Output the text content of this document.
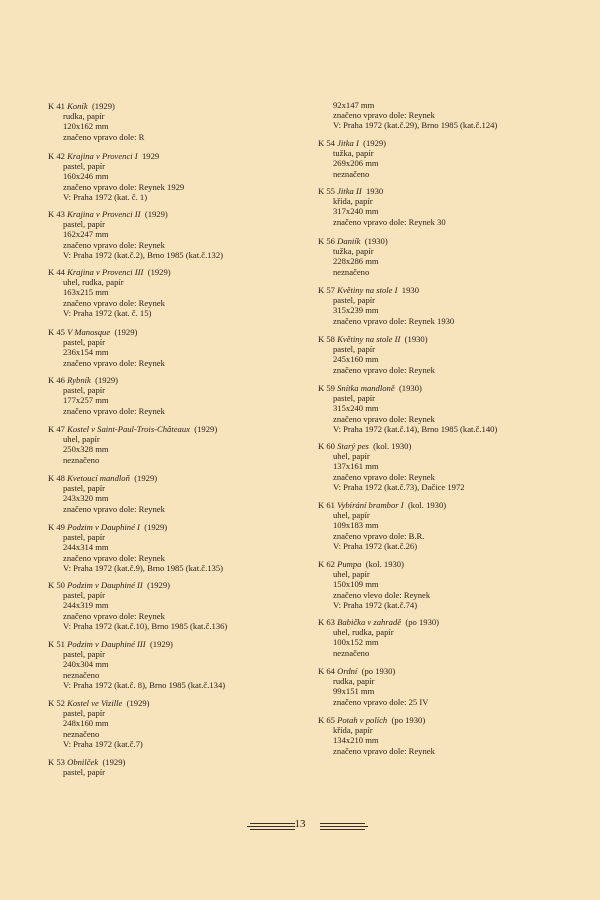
K 41 Koník (1929)
rudka, papír
120x162 mm
značeno vpravo dole: R
K 42 Krajina v Provenci I 1929
pastel, papír
160x246 mm
značeno vpravo dole: Reynek 1929
V: Praha 1972 (kat. č. 1)
K 43 Krajina v Provenci II (1929)
pastel, papír
162x247 mm
značeno vpravo dole: Reynek
V: Praha 1972 (kat.č.2), Brno 1985 (kat.č.132)
K 44 Krajina v Provenci III (1929)
uhel, rudka, papír
163x215 mm
značeno vpravo dole: Reynek
V: Praha 1972 (kat. č. 15)
K 45 V Manosque (1929)
pastel, papír
236x154 mm
značeno vpravo dole: Reynek
K 46 Rybník (1929)
pastel, papír
177x257 mm
značeno vpravo dole: Reynek
K 47 Kostel v Saint-Paul-Trois-Châteaux (1929)
uhel, papír
250x328 mm
neznačeno
K 48 Kvetoucí mandloň (1929)
pastel, papír
243x320 mm
značeno vpravo dole: Reynek
K 49 Podzim v Dauphiné I (1929)
pastel, papír
244x314 mm
značeno vpravo dole: Reynek
V: Praha 1972 (kat.č.9), Brno 1985 (kat.č.135)
K 50 Podzim v Dauphiné II (1929)
pastel, papír
244x319 mm
značeno vpravo dole: Reynek
V: Praha 1972 (kat.č.10), Brno 1985 (kat.č.136)
K 51 Podzim v Dauphiné III (1929)
pastel, papír
240x304 mm
neznačeno
V: Praha 1972 (kat.č. 8), Brno 1985 (kat.č.134)
K 52 Kostel ve Vizille (1929)
pastel, papír
248x160 mm
neznačeno
V: Praha 1972 (kat.č.7)
K 53 Obnilček (1929)
pastel, papír
92x147 mm
značeno vpravo dole: Reynek
V: Praha 1972 (kat.č.29), Brno 1985 (kat.č.124)
K 54 Jitka I (1929)
tužka, papír
269x206 mm
neznačeno
K 55 Jitka II 1930
křída, papír
317x240 mm
značeno vpravo dole: Reynek 30
K 56 Daniík (1930)
tužka, papír
228x286 mm
neznačeno
K 57 Květiny na stole I 1930
pastel, papír
315x239 mm
značeno vpravo dole: Reynek 1930
K 58 Květiny na stole II (1930)
pastel, papír
245x160 mm
značeno vpravo dole: Reynek
K 59 Snítka mandloně (1930)
pastel, papír
315x240 mm
značeno vpravo dole: Reynek
V: Praha 1972 (kat.č.14), Brno 1985 (kat.č.140)
K 60 Starý pes (kol. 1930)
uhel, papír
137x161 mm
značeno vpravo dole: Reynek
V: Praha 1972 (kat.č.73), Dačice 1972
K 61 Vybírání brambor I (kol. 1930)
uhel, papír
109x183 mm
značeno vpravo dole: B.R.
V: Praha 1972 (kat.č.26)
K 62 Pumpa (kol. 1930)
uhel, papír
150x109 mm
značeno vlevo dole: Reynek
V: Praha 1972 (kat.č.74)
K 63 Babička v zahradě (po 1930)
uhel, rudka, papír
100x152 mm
neznačeno
K 64 Ordní (po 1930)
rudka, papír
99x151 mm
značeno vpravo dole: 25 IV
K 65 Potah v polích (po 1930)
křída, papír
134x210 mm
značeno vpravo dole: Reynek
13
